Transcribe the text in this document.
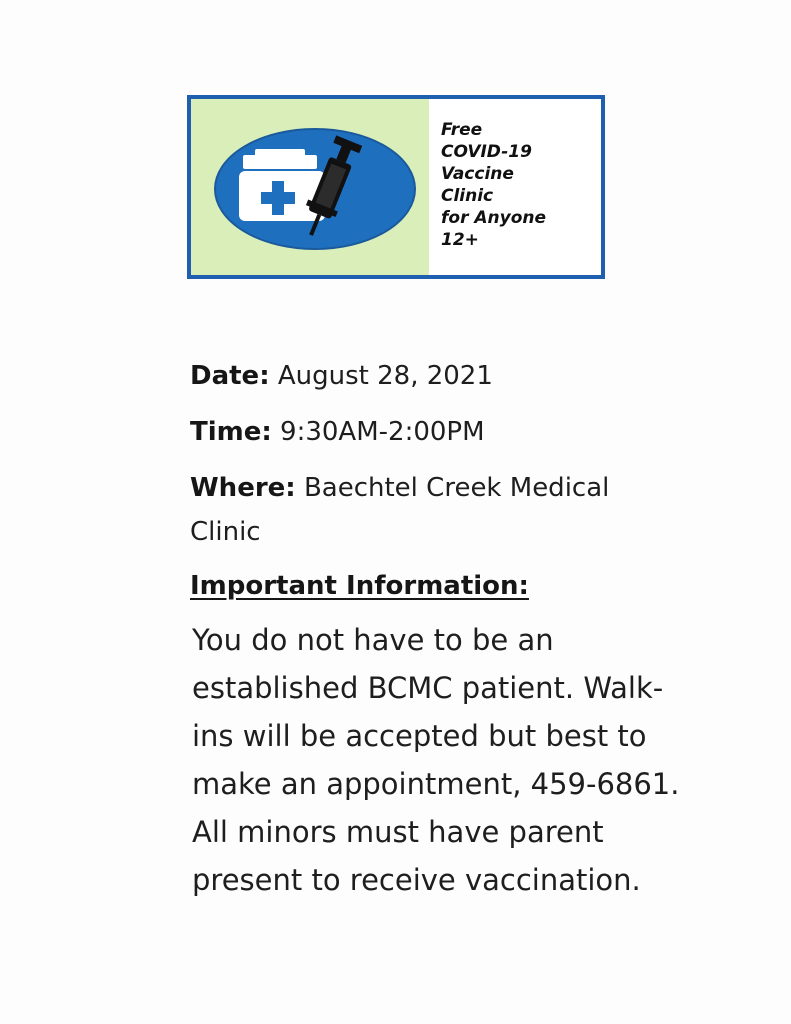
Free
COVID-19
Vaccine
Clinic
for Anyone
12+

Date: August 28, 2021

Time: 9:30AM-2:00PM

Where: Baechtel Creek Medical
Clinic

Important Information:

You do not have to be an
established BCMC patient. Walk-
ins will be accepted but best to
make an appointment, 459-6861.
All minors must have parent
present to receive vaccination.
